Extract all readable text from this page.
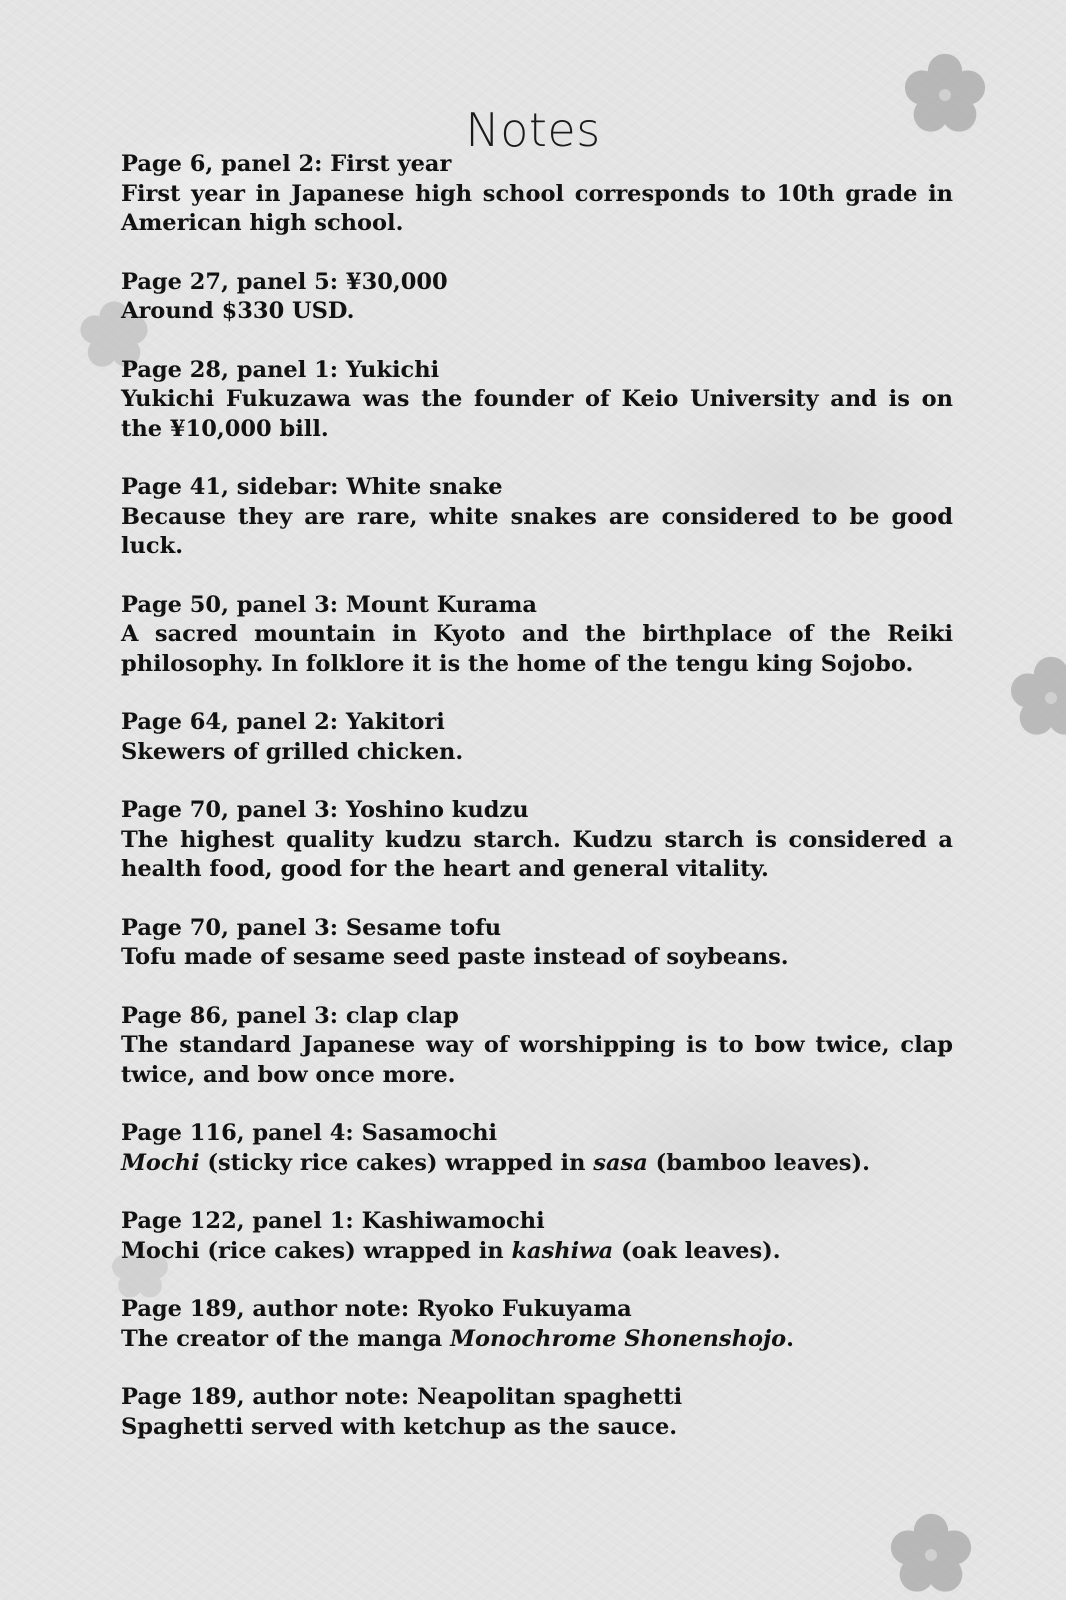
Notes
Page 6, panel 2: First year
First year in Japanese high school corresponds to 10th grade in American high school.
Page 27, panel 5: ¥30,000
Around $330 USD.
Page 28, panel 1: Yukichi
Yukichi Fukuzawa was the founder of Keio University and is on the ¥10,000 bill.
Page 41, sidebar: White snake
Because they are rare, white snakes are considered to be good luck.
Page 50, panel 3: Mount Kurama
A sacred mountain in Kyoto and the birthplace of the Reiki philosophy. In folklore it is the home of the tengu king Sojobo.
Page 64, panel 2: Yakitori
Skewers of grilled chicken.
Page 70, panel 3: Yoshino kudzu
The highest quality kudzu starch. Kudzu starch is considered a health food, good for the heart and general vitality.
Page 70, panel 3: Sesame tofu
Tofu made of sesame seed paste instead of soybeans.
Page 86, panel 3: clap clap
The standard Japanese way of worshipping is to bow twice, clap twice, and bow once more.
Page 116, panel 4: Sasamochi
Mochi (sticky rice cakes) wrapped in sasa (bamboo leaves).
Page 122, panel 1: Kashiwamochi
Mochi (rice cakes) wrapped in kashiwa (oak leaves).
Page 189, author note: Ryoko Fukuyama
The creator of the manga Monochrome Shonenshojo.
Page 189, author note: Neapolitan spaghetti
Spaghetti served with ketchup as the sauce.
